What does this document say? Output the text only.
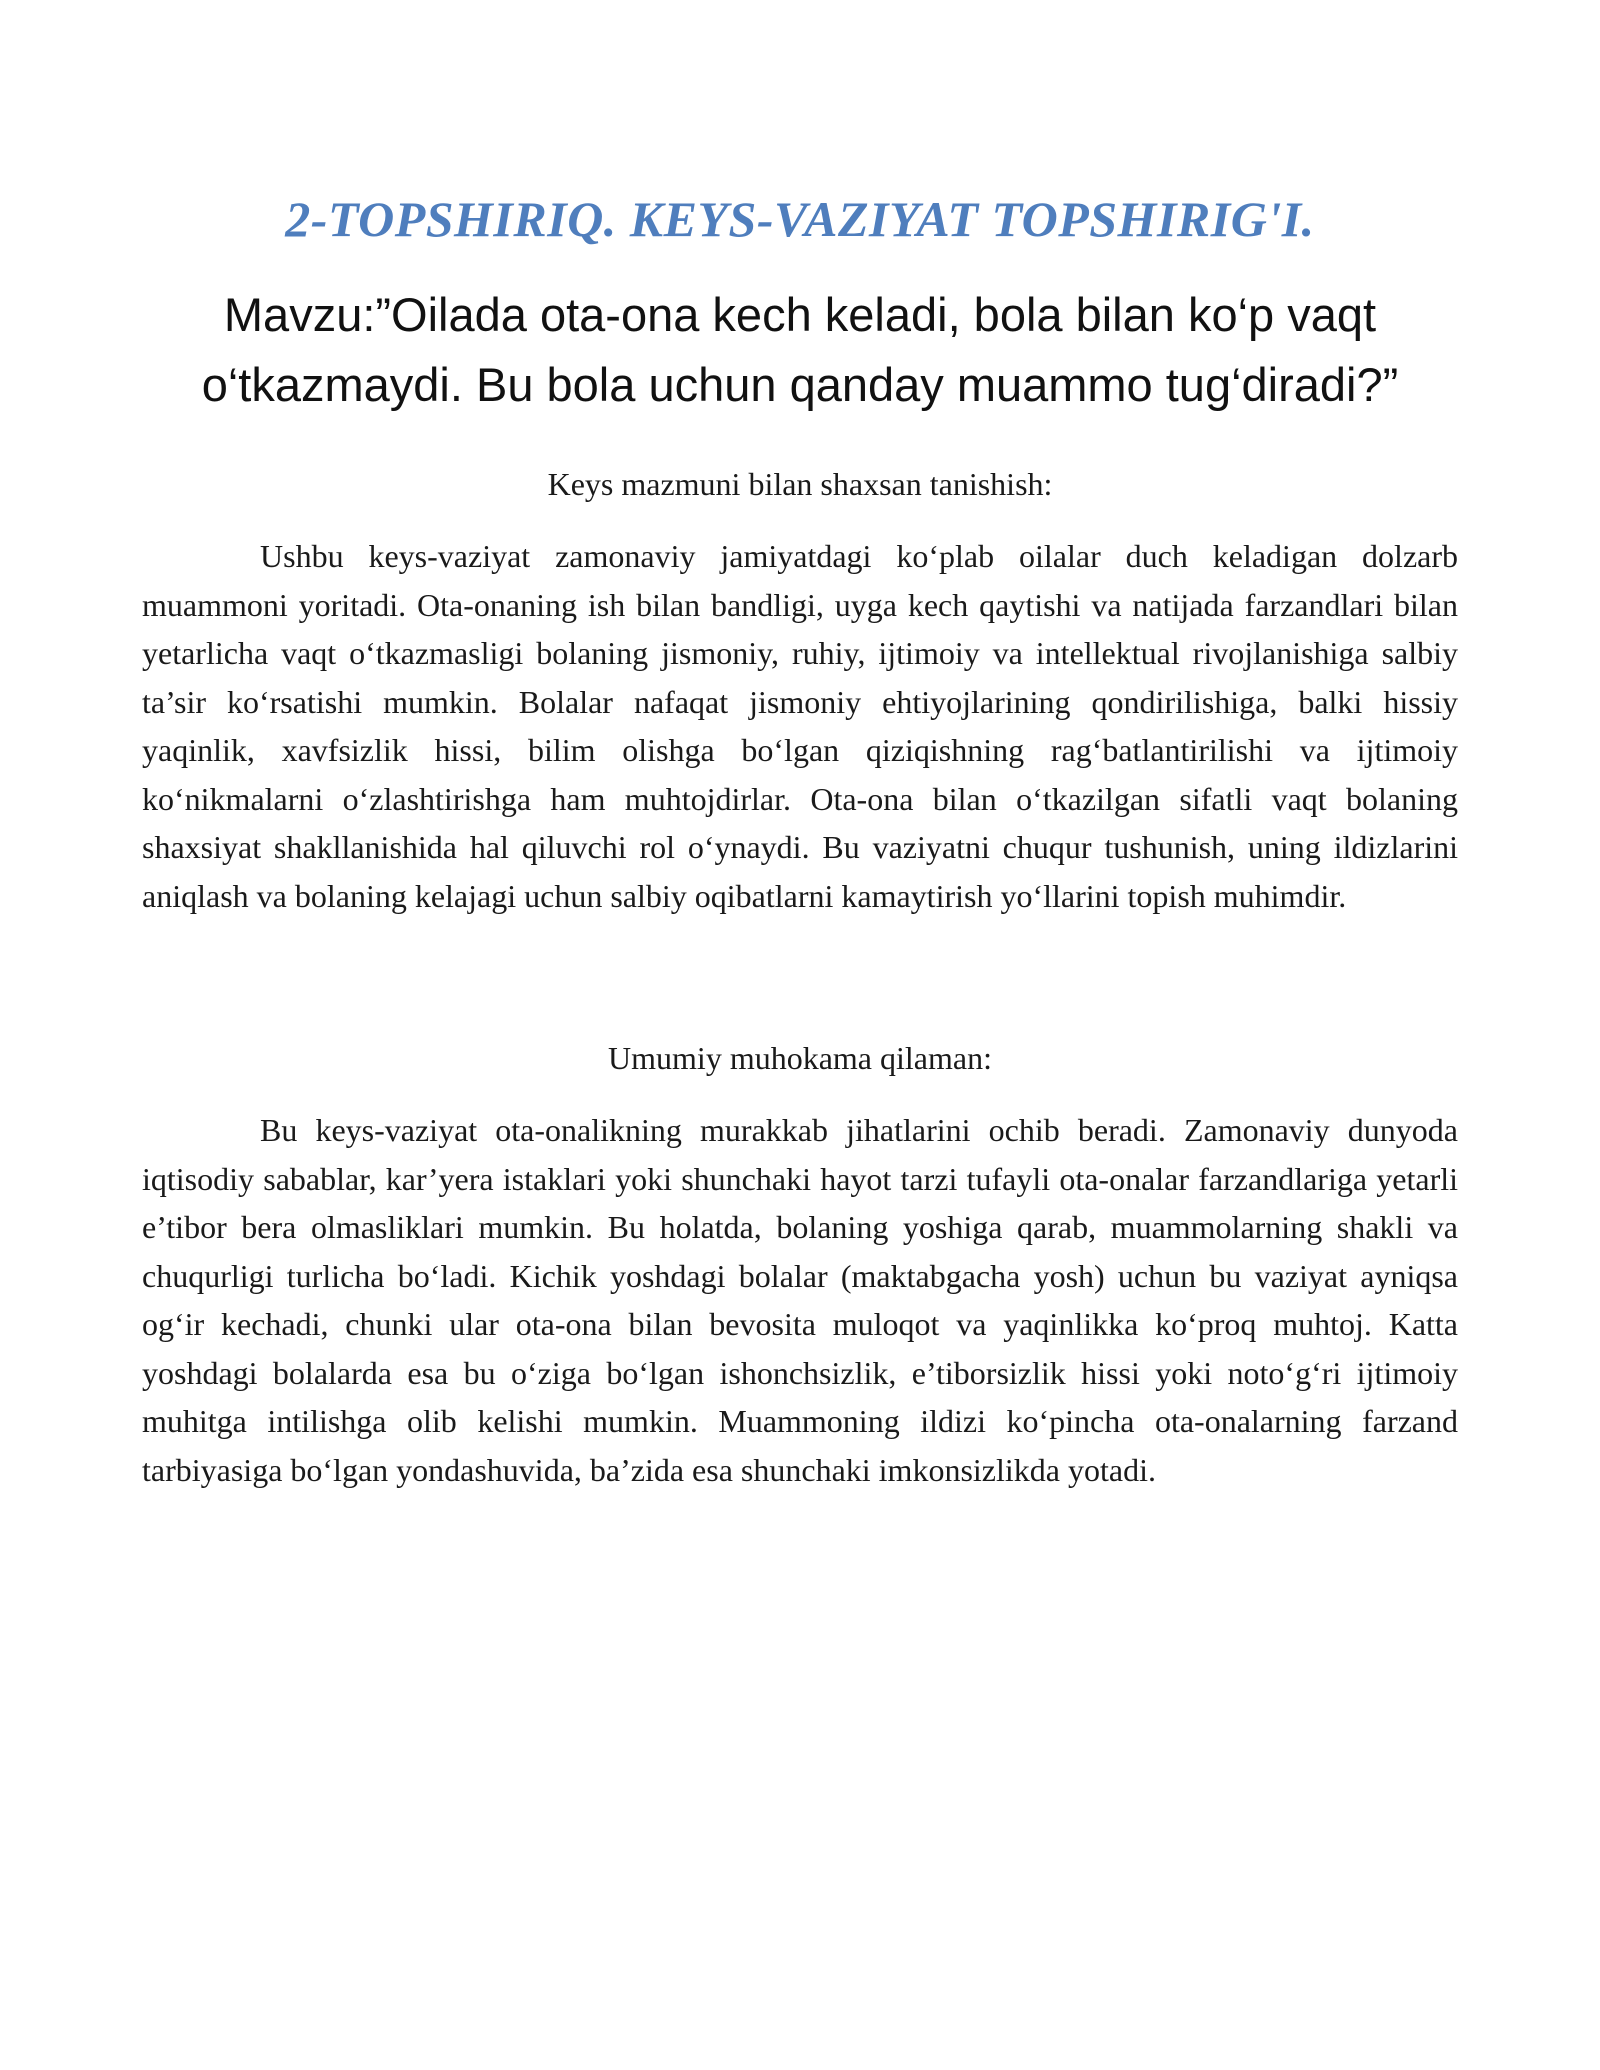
2-TOPSHIRIQ. KEYS-VAZIYAT TOPSHIRIG'I.
Mavzu:”Oilada ota-ona kech keladi, bola bilan ko‘p vaqt o‘tkazmaydi. Bu bola uchun qanday muammo tug‘diradi?”

Keys mazmuni bilan shaxsan tanishish:

Ushbu keys-vaziyat zamonaviy jamiyatdagi ko‘plab oilalar duch keladigan dolzarb muammoni yoritadi. Ota-onaning ish bilan bandligi, uyga kech qaytishi va natijada farzandlari bilan yetarlicha vaqt o‘tkazmasligi bolaning jismoniy, ruhiy, ijtimoiy va intellektual rivojlanishiga salbiy ta’sir ko‘rsatishi mumkin. Bolalar nafaqat jismoniy ehtiyojlarining qondirilishiga, balki hissiy yaqinlik, xavfsizlik hissi, bilim olishga bo‘lgan qiziqishning rag‘batlantirilishi va ijtimoiy ko‘nikmalarni o‘zlashtirishga ham muhtojdirlar. Ota-ona bilan o‘tkazilgan sifatli vaqt bolaning shaxsiyat shakllanishida hal qiluvchi rol o‘ynaydi. Bu vaziyatni chuqur tushunish, uning ildizlarini aniqlash va bolaning kelajagi uchun salbiy oqibatlarni kamaytirish yo‘llarini topish muhimdir.

Umumiy muhokama qilaman:

Bu keys-vaziyat ota-onalikning murakkab jihatlarini ochib beradi. Zamonaviy dunyoda iqtisodiy sabablar, kar’yera istaklari yoki shunchaki hayot tarzi tufayli ota-onalar farzandlariga yetarli e’tibor bera olmasliklari mumkin. Bu holatda, bolaning yoshiga qarab, muammolarning shakli va chuqurligi turlicha bo‘ladi. Kichik yoshdagi bolalar (maktabgacha yosh) uchun bu vaziyat ayniqsa og‘ir kechadi, chunki ular ota-ona bilan bevosita muloqot va yaqinlikka ko‘proq muhtoj. Katta yoshdagi bolalarda esa bu o‘ziga bo‘lgan ishonchsizlik, e’tiborsizlik hissi yoki noto‘g‘ri ijtimoiy muhitga intilishga olib kelishi mumkin. Muammoning ildizi ko‘pincha ota-onalarning farzand tarbiyasiga bo‘lgan yondashuvida, ba’zida esa shunchaki imkonsizlikda yotadi.
